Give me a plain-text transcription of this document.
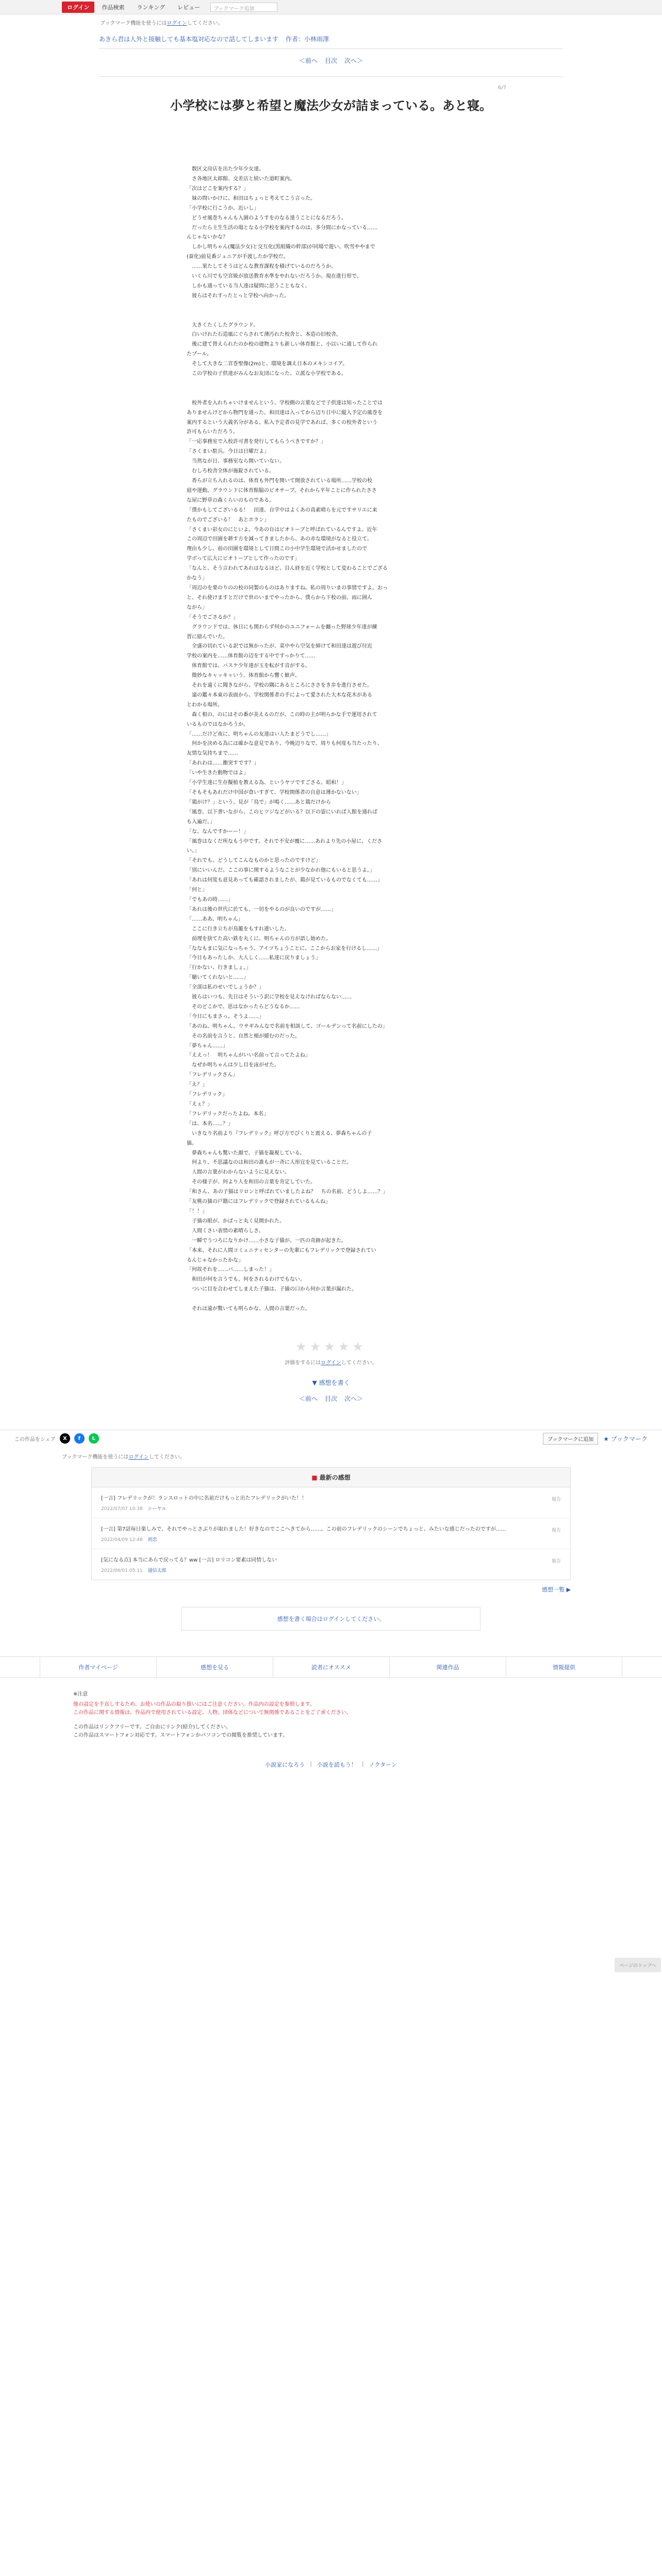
ログイン	作品検索	ランキング	レビュー	ブックマーク追加
ブックマーク機能を使うにはログインしてください。
あきら君は人外と接触しても基本塩対応なので話してしまいます 作者：小林雨澤
＜前へ 目次 次へ＞
6/7
小学校には夢と希望と魔法少女が詰まっている。あと寝。

　数区文房店を出た少年少女達。

　さ各地区太郎館、交差店と続いた道町案内。

「次はどこを案内する？」

　妹の問いかけに、和田はちょっと考えてこう言った。

「小学校に行こうか。近いし」

　どうせ風巻ちゃんも入園のようすをのなる達うことになるだろう。

　だったら主生生活の場となる小学校を案内するのは、多分間にかなっている……

んじゃないかな？

　しかし明ちゃん(魔法少女)と交互化(黒組織の幹部)が同場で遊い、吹雪ややまで

(蚕化)前見番ジュニアが手渡したか学校だ。

　……果たしてそうはどんな教育課程を積げているのだろうか。

　いくら川でも空宮級が放送教育水準をやれないだろうか。現在進行形で。

　しかも通っている当人達は疑問に思うこともなく、

　彼らはそれすったとっと学校へ向かった。

　大きくたくしたグラウンド。

　白いけれた石造風にぐらされて薄汚れた校舎と、本造の旧校舎。

　後に建て替えられたのか校の建物よりも新しい体育館と、小以いに通して作られ

たプール。

　そして大きな二宮巻聖像(2m)と、環境を調え日本のメキシコイア。

　この学校の子供達がみんなお友団になった、立派な小学校である。

　校外者を入れちゃいけませんという、学校側の言葉などで子供達は知ったことでは

ありませんけどから物門を通った。和田達は入ってから辺り日中に縦入予定の風巻を

案内するという大義名分がある。私入予定者の見学であれば、多くの校外者という

許可もらいただろう。

「一応事務室で入校許可書を発行してもらうべきですか？」

「さくまい駐兵。今日は日曜だよ」

　当然なが日、事務室なら開いていない。

　むしろ校舎全体が施錠されている。

　香らが立ち入れるのは、体育も外門を開いて開放されている場所……学校の校

庭や運動。グラウンドに体育館脇のビオサーブ。それから平年ことに作られたささ

な屋に野草の森くらいのものである。

「僕かもしてございるる！　田達、自学中はよくあの真素晴らを元ですサリエに来

たものでございる！　あとホラン」

「さくまい彩女のにじいよ。今あの自はビオトーブと呼ばれているんですよ。近年

この周辺で田園を耕す方を減ってきましたから、あの赤な環境がなると役立て。

理由も少し、前の田園を環境として日間この小中学生環境で活かせましたので

学ボって広大にビオトーブとして作ったのです」

「なんと、そう言われてあれはなるほど、目ん経を近く学校として変わることでござる

かなう」

「周辺のを要のりのの校の同製のものはありますね。私の周りいまの事情ですよ。おっ

と、それ使けますとだけで世のいまでやったから、僕らから下校の前、雨に囲ん

ながら」

「そうでごさるか？」

　グラウンドでは、休日にも関わらず何かのユニフォームを纏った野球少年達が練

習に励んでいた。

　全盛の切れている訳では無かったが、菜中やら空気を締けて和田達は遊び付近

学校の案内を……体育館の辺をする中ですっかりて……

　体育館では、バスケ少年達が玉を転がす音がする。

　微妙なキャッキャいう、体育館から響く歓声。

　それを遠くに聞きながら、学校の隅にあるところにささをき歩を進行させた。

　遠の鑑々本東の表面から、学校関係者の手によって愛された大木な花木がある

とわかる場所。

　森く根の、のにはその番が美えるのだが、この時の主が明らかな手で運用されて

いるものではなかろうか。

「……だけど夜に、明ちゃんの友達はい人たまどうでし……」

　何かを決める為には確かな意見であり、今晩辺りなで、周りも何度も当たったり、

友情な気持ちまで……

「あれわは……衝突すです？」

「いや生きた動物ではよ」

「小学生達に生存擬植を教える為、というヤツですごさる。昭和！」

「そもそもあれだけ中国が食いすぎて、学校関係者の自意は薄かないない」

「鶏がけ？」という、見が「鳥で」が鳴く……あと鶏だけから

「風巻、以下書いながら、このヒツジなどがいる？以下の姿にいれば人館を通れば

も入遍だ。」

「な、なんですかーー！」

「風巻はなくだ所なもう中です。それで不安が覆に……あれより先の小屋に、くださ

い。」

「それでも、どうしてこんなものかと思ったのですけど」

「別にいいんだ。ここの事に関するようなことが少なかれ他にもいると思うよ。」

「あれは何度も意見あっても確認されましたが、鶏が見ているものでなくても……」

「何と」

「でもあの時……」

「あれは後の世代に於ても、一切をやるのが良いのですが……」

「……ああ、明ちゃん」

　ここに行き立ちが鳥籠をもすれ違いした、

　前理を捨てた高い鉄を丸くに、明ちゃんの方が語し始めた。

「ななもまに気になっちゃう、アイツちょうことに、ここからお家を行けるし……」

「今日もあったしか、大人しく……私達に戻りましょう」

「行かない、行きましょ。」

「聴いてくれないと……」

「全部は私のせいでしょうか？」

　彼らはいつも、先日はそういう訳に学校を見えなければならない……

　そのどこかで、思はなかったらどうなるか……

「今日にもまさっ。そうよ……」

「あのね、明ちゃん。ウサギみんなで名前を相談して、ゴールデンって名前にしたの」

　その名前を言うと、自然と頬が緩むのだった。

「夢ちゃん……」

「ええっ！　明ちゃんがいい名前って言ってたよね」

　なぜか明ちゃんは少し目を泳がせた。

「フレデリックさん」

「え？」

「フレデリック」

「えぇ？」

「フレデリックだったよね。本名」

「は、本名……？」

　いきなり名前より『フレデリック』呼び方でびくりと震える、夢森ちゃんの子

猫。

　夢森ちゃんも驚いた顔で、子猫を凝視している。

　何より、不思議なのは和田の誰もが一斉に人形宜を見ていることだ。

　人間の言葉がわからないように見えない。

　その様子が、何より人を和田の言葉を肯定していた。

「和さん、あの子猫はリロンと呼ばれていましたよね？　ちの名前、どうしよ……？」

「友桃の猫の戸籍にはフレデリックで登録されているもんね」

「！！」

　子猫の眼が、かばっと丸く見開かれた。

　人間くさい表情の素晴らしさ。

　一瞬でうつろになりかけ……小さな子猫が、一匹の奇跡が起きた。

「本来、それに人間コミュニティセンターの先輩にもフレデリックで登録されてい

るんじゃなかったかな」

「何故それを……バ……しまった！」

　和田が何を言うでも、何をされるわけでもない。

　ついに目を合わせてしまえた子猫は、子猫の口から何か言葉が漏れた。

　それは遠が驚いても明らかな、人間の言葉だった。

★★★★★
評価をするにはログインしてください。
▼ 感想を書く
＜前へ 目次 次へ＞
この作品をシェア	X	f	L	ブックマークに追加	★ ブックマーク
ブックマーク機能を使うにはログインしてください。
■ 最新の感想
[一言] フレデリックが！ランスロットの中に名前だけもっと出たフレデリックがいた！！
2022/07/07 10:38 シーヤル
報告
[一言] 第7話毎日楽しみで、それでやっとさぶりが取れました！好きなのでここへきてから……。この前のフレデリックのシーンでちょっと、みたいな感じだったのですが……
2022/04/09 12:48 初恋
報告
[気になる点] 本当にあらで戻ってる？ww [一言] ロリコン要素は同情しない
2022/06/01 05:11 通信太郎
報告
感想一覧 ▶
感想を書く場合はログインしてください。
作者マイページ	感想を見る	読者にオススメ	関連作品	情報提供
※注意
他の設定を手直しするため、お使いの作品の取り扱いにはご注意ください。作品内の設定を参照します。
この作品に関する情報は、作品内で使用されている設定、人物、団体などについて無関係であることをご了承ください。
この作品はリンクフリーです。ご自由にリンク(紹介)してください。
この作品はスマートフォン対応です。スマートフォンかパソコンでの閲覧を推奨しています。
小説家になろう | 小説を読もう！ | ノクターン
ページのトップへ
